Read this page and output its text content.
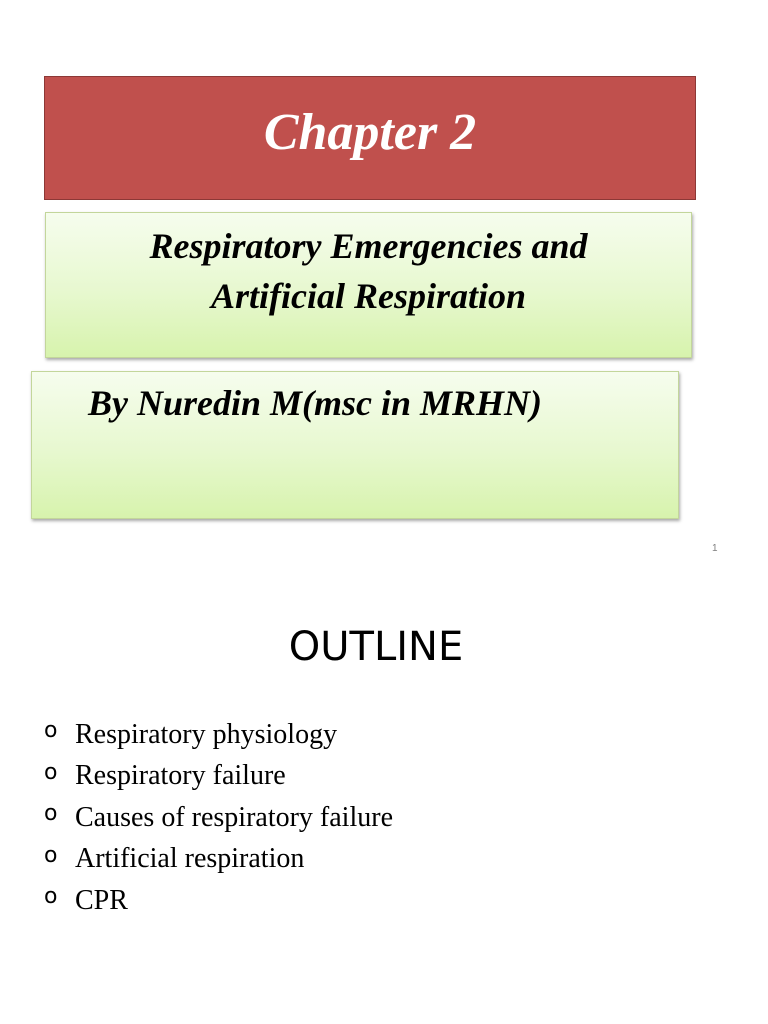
Chapter 2
Respiratory Emergencies and
Artificial Respiration
By Nuredin M(msc in MRHN)
1
OUTLINE
o Respiratory physiology
o Respiratory failure
o Causes of respiratory failure
o Artificial respiration
o CPR
